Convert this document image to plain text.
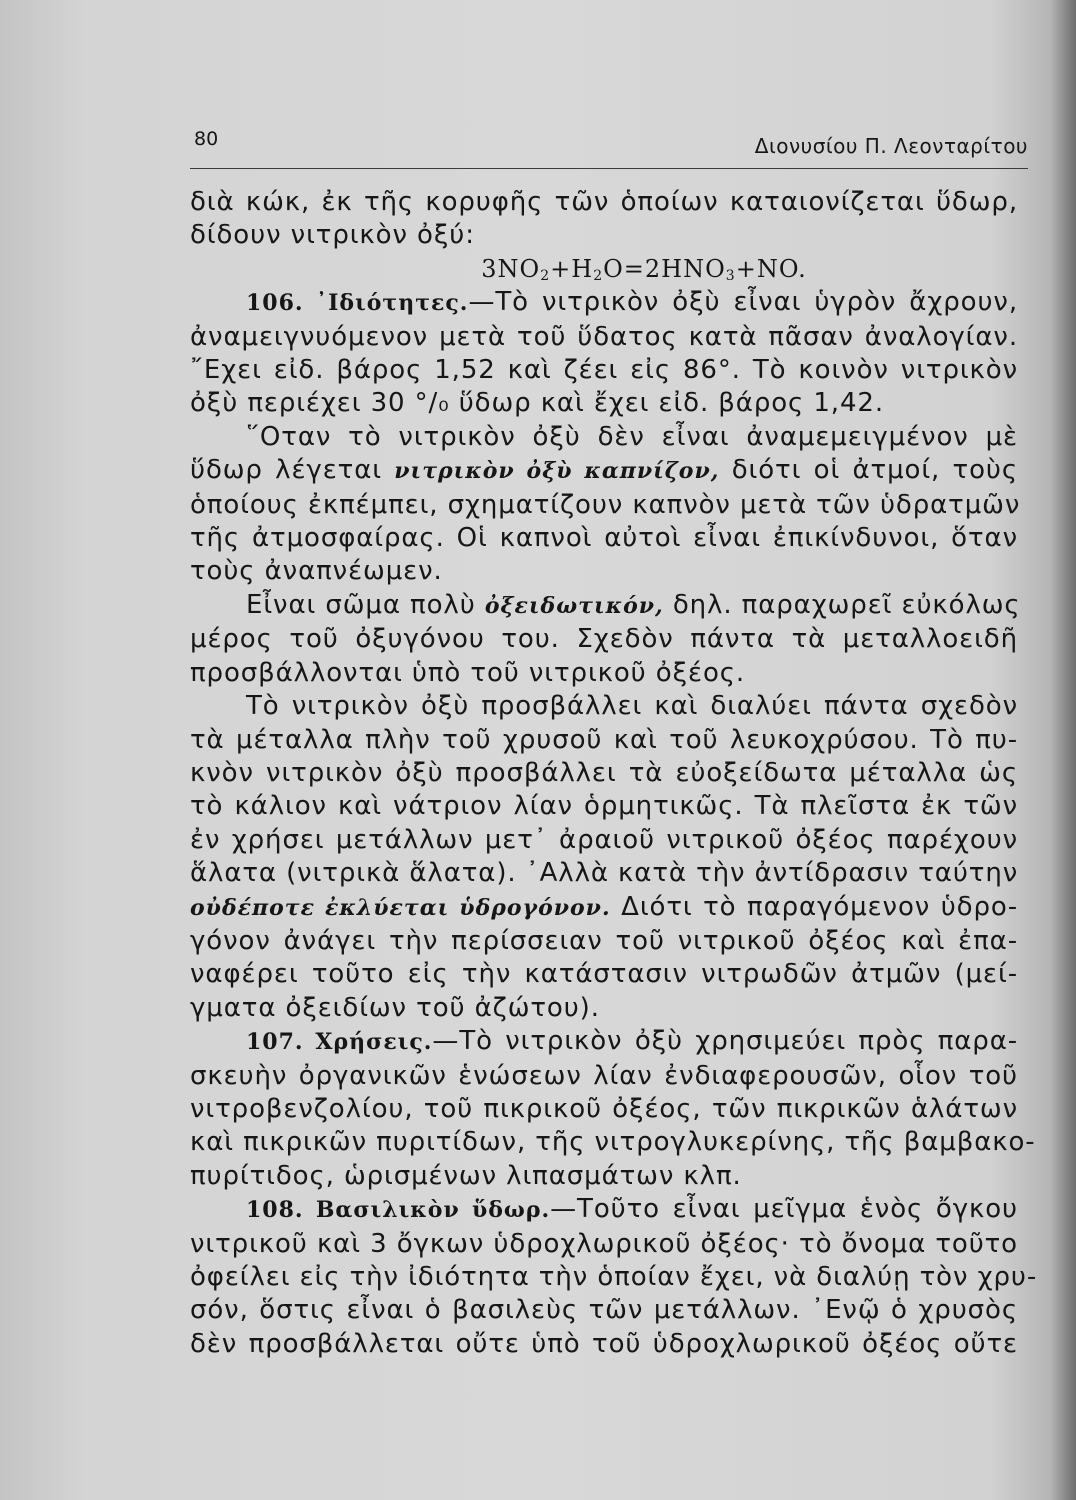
80	Διονυσίου Π. Λεονταρίτου
διὰ κώκ, ἐκ τῆς κορυφῆς τῶν ὁποίων καταιονίζεται ὕδωρ,
δίδουν νιτρικὸν ὀξύ:
$3NO_2+H_2O=2HNO_3+NO$.
106. ᾿Ιδιότητες.—Τὸ νιτρικὸν ὀξὺ εἶναι ὑγρὸν ἄχρουν,
ἀναμειγνυόμενον μετὰ τοῦ ὕδατος κατὰ πᾶσαν ἀναλογίαν.
῎Εχει εἰδ. βάρος 1,52 καὶ ζέει εἰς 86°. Τὸ κοινὸν νιτρικὸν
ὀξὺ περιέχει 30 °/₀ ὕδωρ καὶ ἔχει εἰδ. βάρος 1,42.
῞Οταν τὸ νιτρικὸν ὀξὺ δὲν εἶναι ἀναμεμειγμένον μὲ
ὕδωρ λέγεται νιτρικὸν ὀξὺ καπνίζον, διότι οἱ ἀτμοί, τοὺς
ὁποίους ἐκπέμπει, σχηματίζουν καπνὸν μετὰ τῶν ὑδρατμῶν
τῆς ἀτμοσφαίρας. Οἱ καπνοὶ αὐτοὶ εἶναι ἐπικίνδυνοι, ὅταν
τοὺς ἀναπνέωμεν.
Εἶναι σῶμα πολὺ ὀξειδωτικόν, δηλ. παραχωρεῖ εὐκόλως
μέρος τοῦ ὀξυγόνου του. Σχεδὸν πάντα τὰ μεταλλοειδῆ
προσβάλλονται ὑπὸ τοῦ νιτρικοῦ ὀξέος.
Τὸ νιτρικὸν ὀξὺ προσβάλλει καὶ διαλύει πάντα σχεδὸν
τὰ μέταλλα πλὴν τοῦ χρυσοῦ καὶ τοῦ λευκοχρύσου. Τὸ πυ-
κνὸν νιτρικὸν ὀξὺ προσβάλλει τὰ εὐοξείδωτα μέταλλα ὡς
τὸ κάλιον καὶ νάτριον λίαν ὁρμητικῶς. Τὰ πλεῖστα ἐκ τῶν
ἐν χρήσει μετάλλων μετ᾿ ἀραιοῦ νιτρικοῦ ὀξέος παρέχουν
ἅλατα (νιτρικὰ ἅλατα). ᾿Αλλὰ κατὰ τὴν ἀντίδρασιν ταύτην
οὐδέποτε ἐκλύεται ὑδρογόνον. Διότι τὸ παραγόμενον ὑδρο-
γόνον ἀνάγει τὴν περίσσειαν τοῦ νιτρικοῦ ὀξέος καὶ ἐπα-
ναφέρει τοῦτο εἰς τὴν κατάστασιν νιτρωδῶν ἀτμῶν (μεί-
γματα ὀξειδίων τοῦ ἀζώτου).
107. Χρήσεις.—Τὸ νιτρικὸν ὀξὺ χρησιμεύει πρὸς παρα-
σκευὴν ὀργανικῶν ἑνώσεων λίαν ἐνδιαφερουσῶν, οἷον τοῦ
νιτροβενζολίου, τοῦ πικρικοῦ ὀξέος, τῶν πικρικῶν ἁλάτων
καὶ πικρικῶν πυριτίδων, τῆς νιτρογλυκερίνης, τῆς βαμβακο-
πυρίτιδος, ὡρισμένων λιπασμάτων κλπ.
108. Βασιλικὸν ὕδωρ.—Τοῦτο εἶναι μεῖγμα ἑνὸς ὄγκου
νιτρικοῦ καὶ 3 ὄγκων ὑδροχλωρικοῦ ὀξέος· τὸ ὄνομα τοῦτο
ὀφείλει εἰς τὴν ἰδιότητα τὴν ὁποίαν ἔχει, νὰ διαλύῃ τὸν χρυ-
σόν, ὅστις εἶναι ὁ βασιλεὺς τῶν μετάλλων. ᾿Ενῷ ὁ χρυσὸς
δὲν προσβάλλεται οὔτε ὑπὸ τοῦ ὑδροχλωρικοῦ ὀξέος οὔτε
